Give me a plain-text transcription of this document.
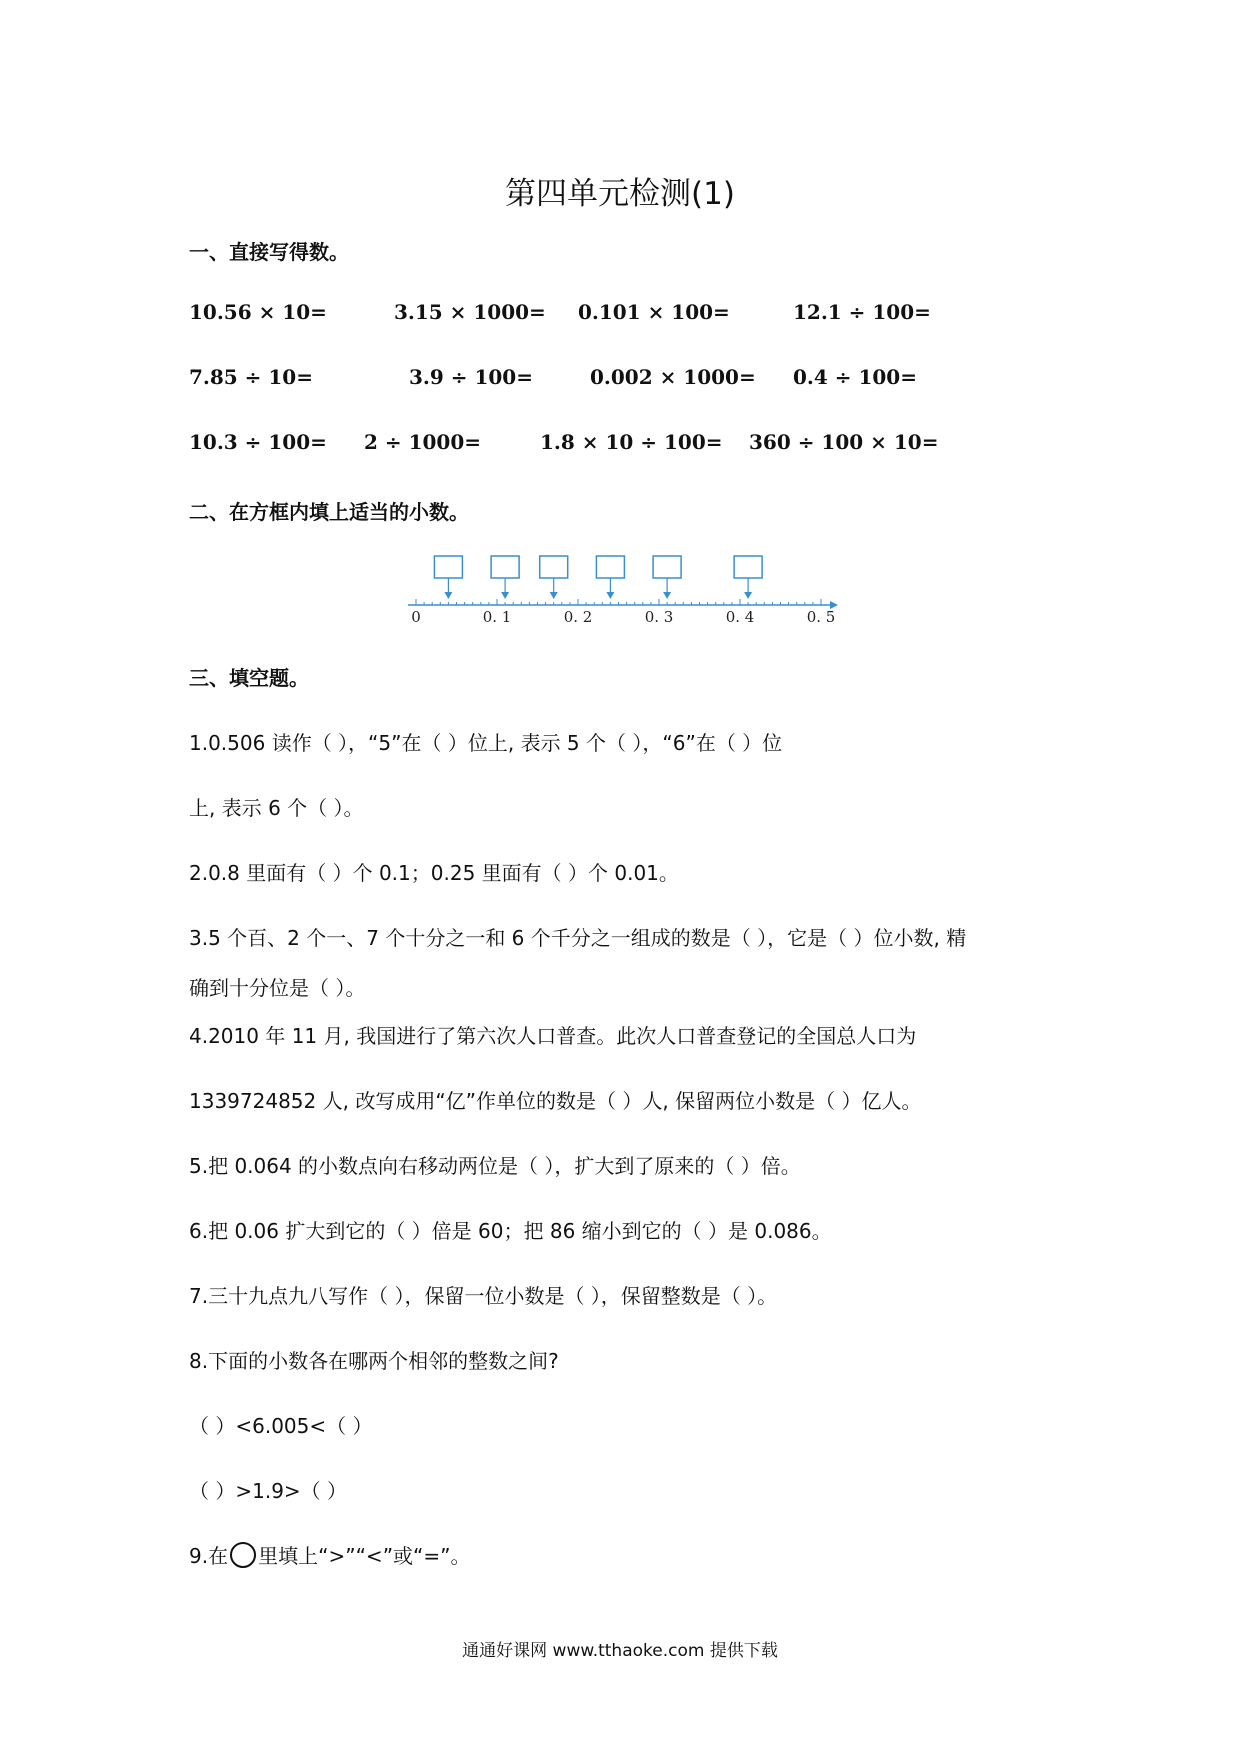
第四单元检测(1)
一、直接写得数。
10.56 × 10=	3.15 × 1000= 0.101 × 100=	12.1 ÷ 100=
7.85 ÷ 10=	3.9 ÷ 100=	0.002 × 1000= 0.4 ÷ 100=
10.3 ÷ 100= 2 ÷ 1000=	1.8 × 10 ÷ 100= 360 ÷ 100 × 10=
二、在方框内填上适当的小数。
0	0. 1	0. 2	0. 3	0. 4	0. 5
三、填空题。
1.0.506 读作（ ），“5”在（ ）位上, 表示 5 个（ ），“6”在（ ）位
上, 表示 6 个（ ）。
2.0.8 里面有（ ）个 0.1；0.25 里面有（ ）个 0.01。
3.5 个百、2 个一、7 个十分之一和 6 个千分之一组成的数是（ ），它是（ ）位小数, 精
确到十分位是（ ）。
4.2010 年 11 月, 我国进行了第六次人口普查。此次人口普查登记的全国总人口为
1339724852 人, 改写成用“亿”作单位的数是（ ）人, 保留两位小数是（ ）亿人。
5.把 0.064 的小数点向右移动两位是（ ），扩大到了原来的（ ）倍。
6.把 0.06 扩大到它的（ ）倍是 60；把 86 缩小到它的（ ）是 0.086。
7.三十九点九八写作（ ），保留一位小数是（ ），保留整数是（ ）。
8.下面的小数各在哪两个相邻的整数之间?
（ ）<6.005<（ ）
（ ）>1.9>（ ）
9.在 里填上“>”“<”或“=”。
通通好课网 www.tthaoke.com 提供下载
